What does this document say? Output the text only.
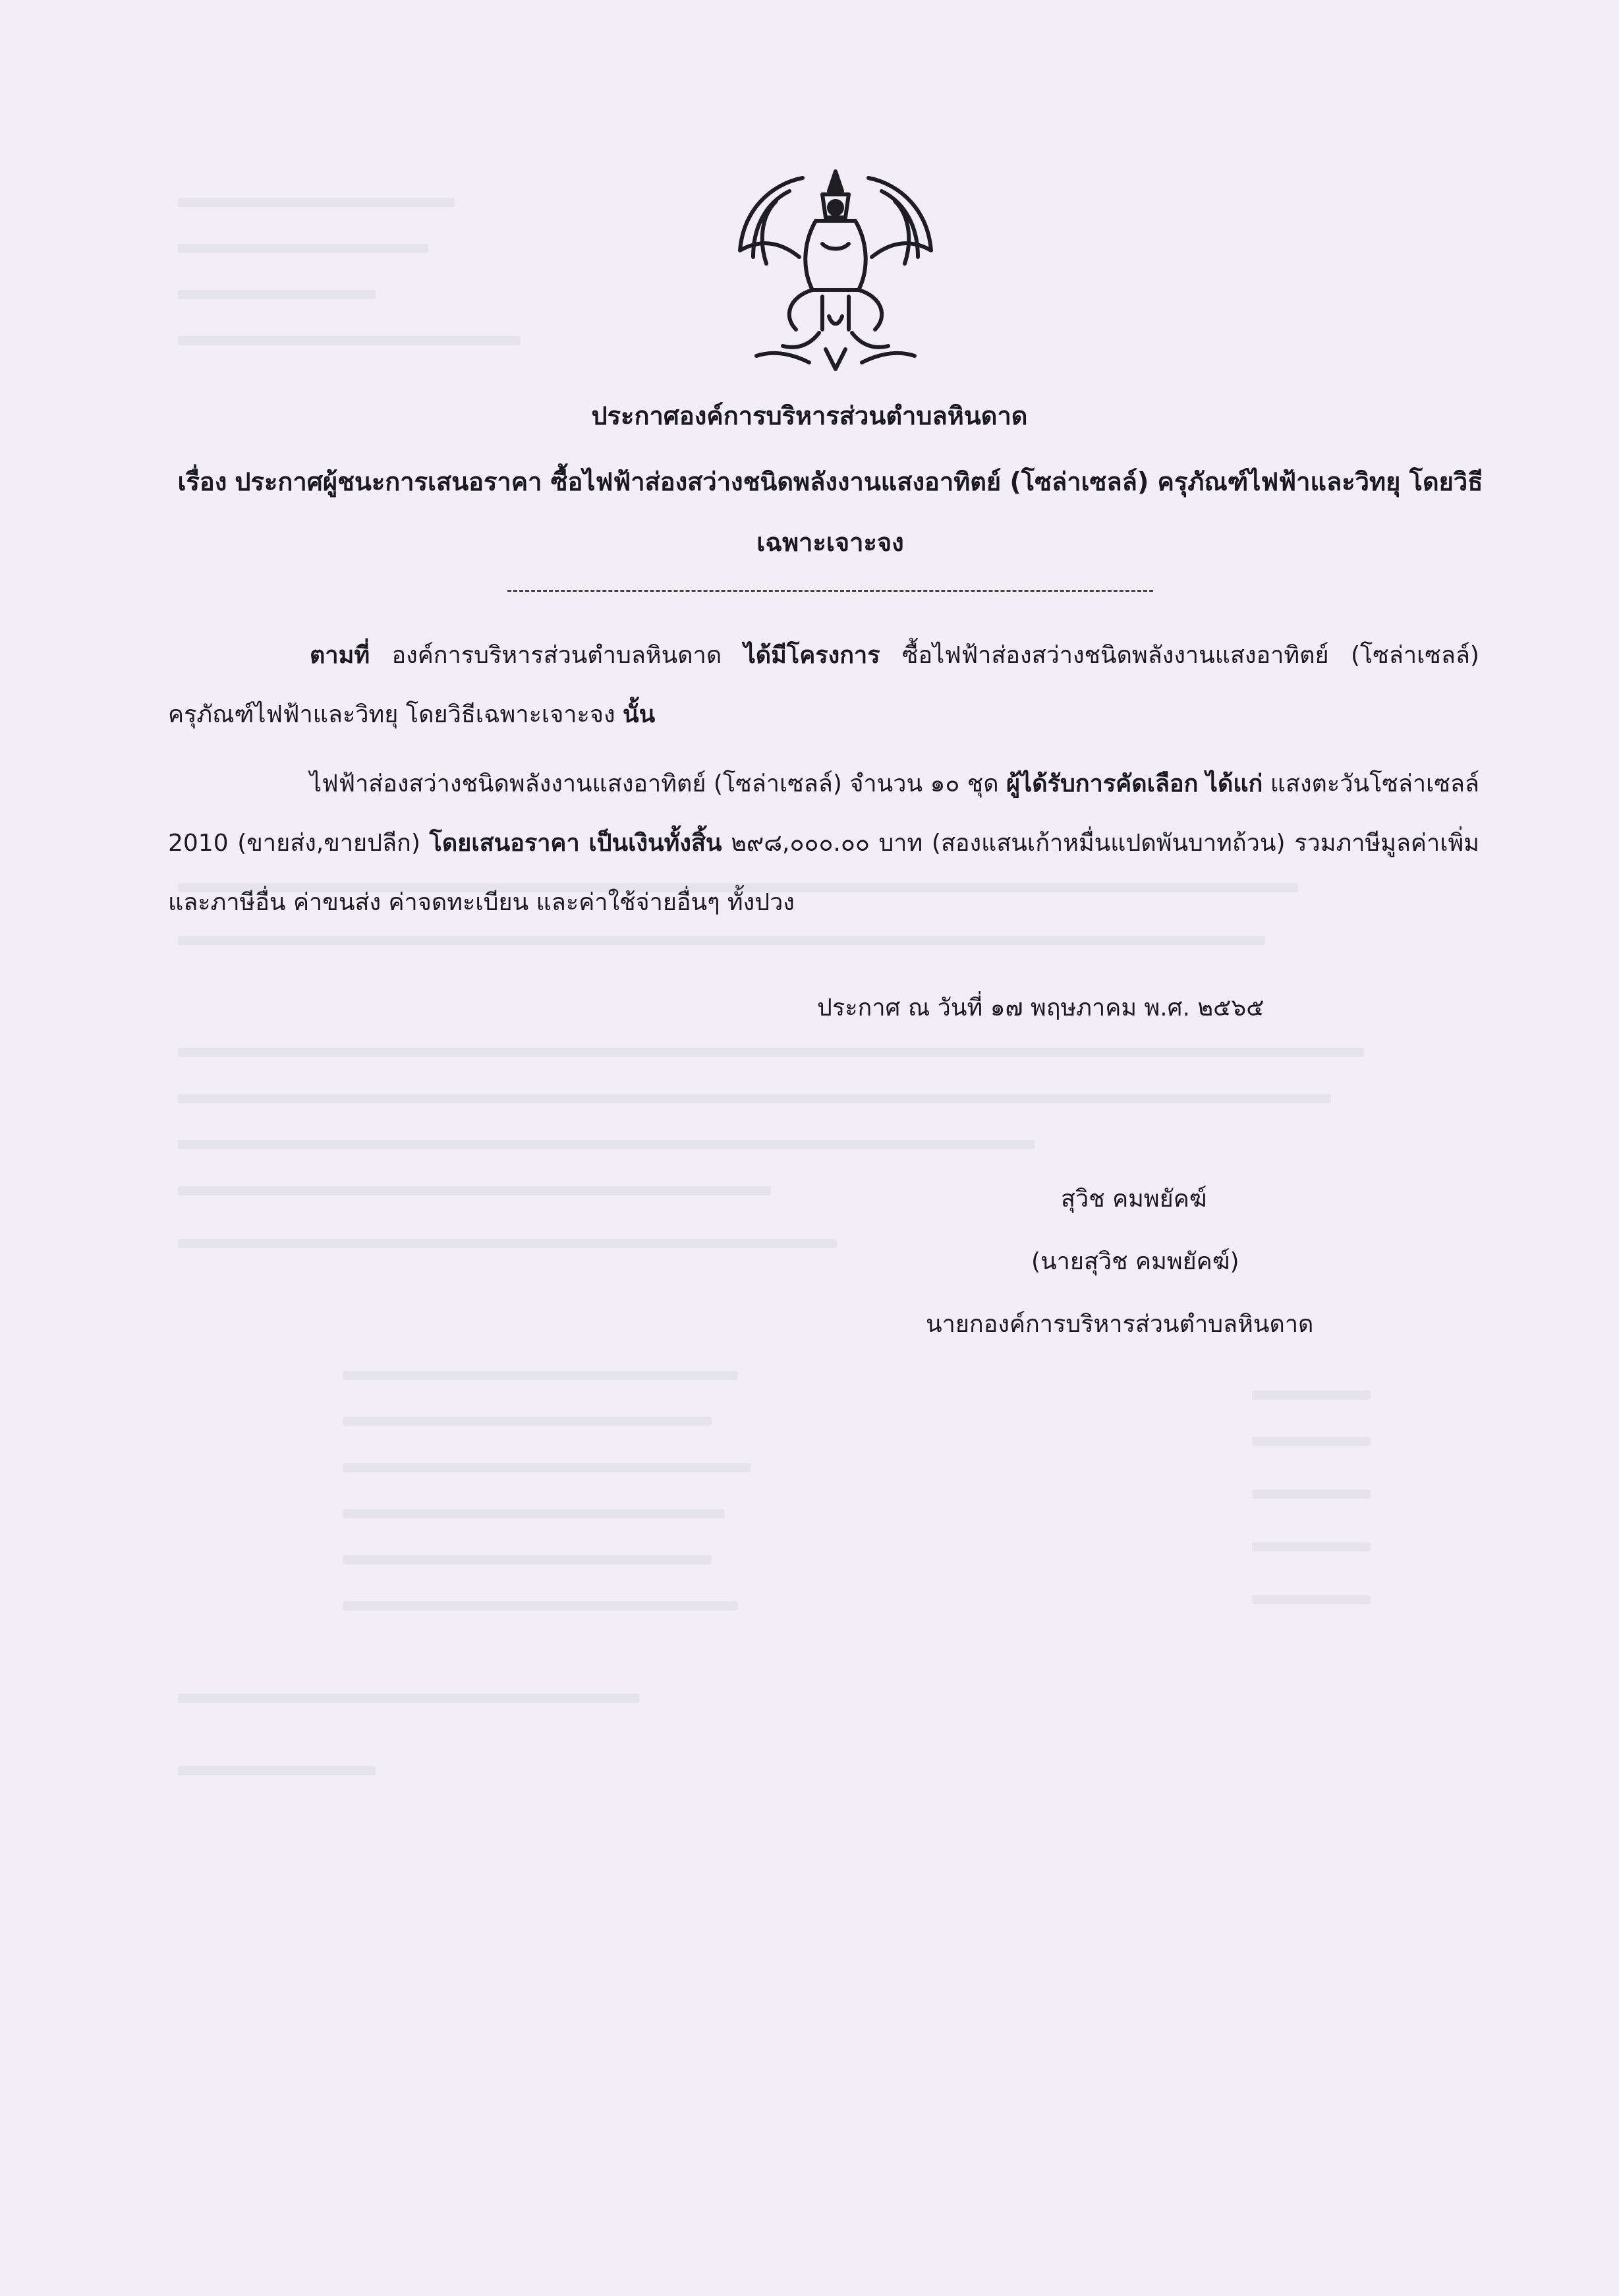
ประกาศองค์การบริหารส่วนตำบลหินดาด
เรื่อง ประกาศผู้ชนะการเสนอราคา ซื้อไฟฟ้าส่องสว่างชนิดพลังงานแสงอาทิตย์ (โซล่าเซลล์) ครุภัณฑ์ไฟฟ้าและวิทยุ โดยวิธีเฉพาะเจาะจง
ตามที่ องค์การบริหารส่วนตำบลหินดาด ได้มีโครงการ ซื้อไฟฟ้าส่องสว่างชนิดพลังงานแสงอาทิตย์ (โซล่าเซลล์) ครุภัณฑ์ไฟฟ้าและวิทยุ โดยวิธีเฉพาะเจาะจง นั้น
ไฟฟ้าส่องสว่างชนิดพลังงานแสงอาทิตย์ (โซล่าเซลล์) จำนวน ๑๐ ชุด ผู้ได้รับการคัดเลือก ได้แก่ แสงตะวันโซล่าเซลล์ 2010 (ขายส่ง,ขายปลีก) โดยเสนอราคา เป็นเงินทั้งสิ้น ๒๙๘,๐๐๐.๐๐ บาท (สองแสนเก้าหมื่นแปดพันบาทถ้วน) รวมภาษีมูลค่าเพิ่มและภาษีอื่น ค่าขนส่ง ค่าจดทะเบียน และค่าใช้จ่ายอื่นๆ ทั้งปวง
ประกาศ ณ วันที่ ๑๗ พฤษภาคม พ.ศ. ๒๕๖๕
สุวิช คมพยัคฆ์
(นายสุวิช คมพยัคฆ์)
นายกองค์การบริหารส่วนตำบลหินดาด
